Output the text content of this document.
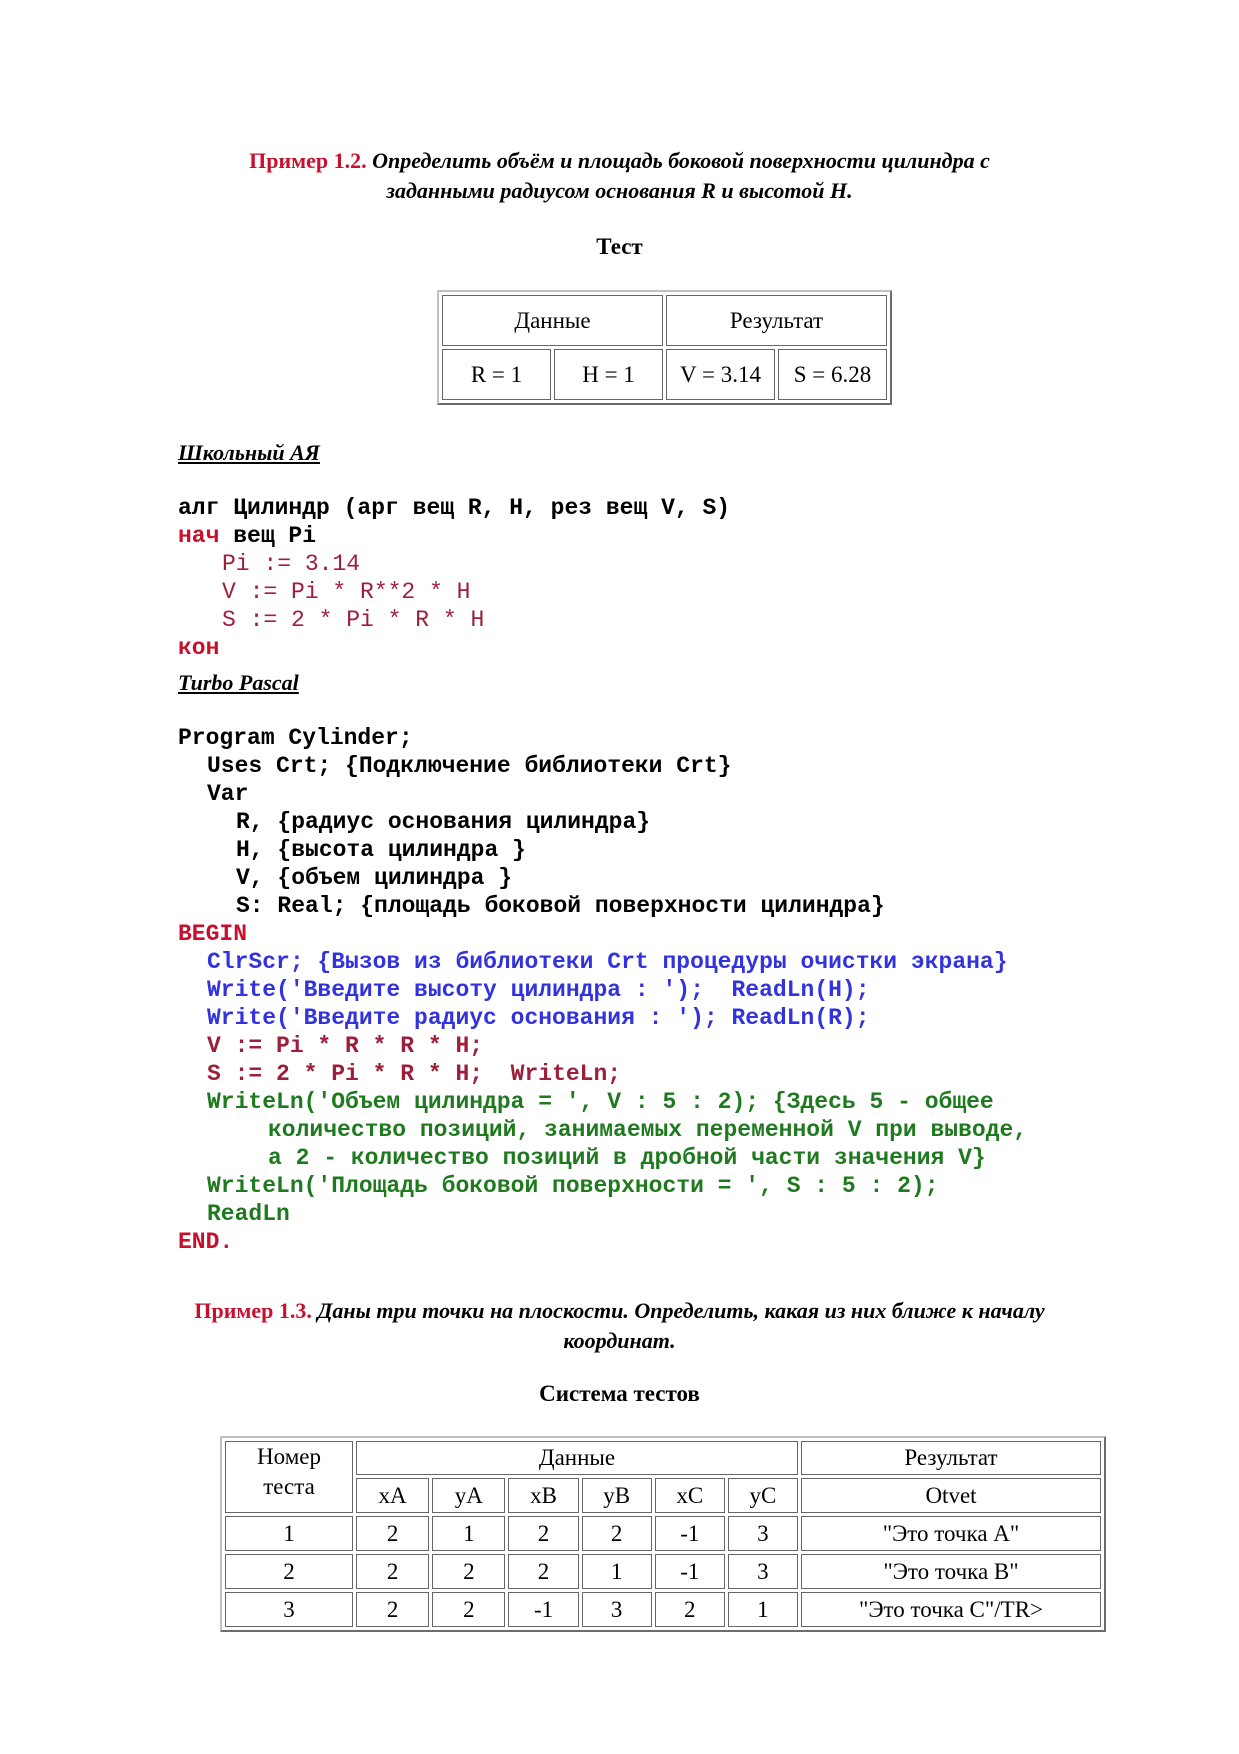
Пример 1.2. Определить объём и площадь боковой поверхности цилиндра с
заданными радиусом основания R и высотой H.
Тест
Данные		Результат	
R = 1	H = 1	V = 3.14	S = 6.28
Школьный АЯ

алг Цилиндр (арг вещ R, H, рез вещ V, S)
нач вещ Pi
Pi := 3.14
V := Pi * R**2 * H
S := 2 * Pi * R * H
кон

Turbo Pascal

Program Cylinder;
Uses Crt; {Подключение библиотеки Crt}
Var
R, {радиус основания цилиндра}
H, {высота цилиндра }
V, {объем цилиндра }
S: Real; {площадь боковой поверхности цилиндра}
BEGIN
ClrScr; {Вызов из библиотеки Crt процедуры очистки экрана}
Write('Введите высоту цилиндра : '); ReadLn(H);
Write('Введите радиус основания : '); ReadLn(R);
V := Pi * R * R * H;
S := 2 * Pi * R * H; WriteLn;
WriteLn('Объем цилиндра = ', V : 5 : 2); {Здесь 5 - общее
количество позиций, занимаемых переменной V при выводе,
а 2 - количество позиций в дробной части значения V}
WriteLn('Площадь боковой поверхности = ', S : 5 : 2);
ReadLn
END.

Пример 1.3. Даны три точки на плоскости. Определить, какая из них ближе к началу
координат.
Система тестов
Номер
теста	Данные						Результат
	xA	yA	xB	yB	xC	yC	Otvet
1	2	1	2	2	-1	3	"Это точка A"
2	2	2	2	1	-1	3	"Это точка B"
3	2	2	-1	3	2	1	"Это точка C"/TR>
